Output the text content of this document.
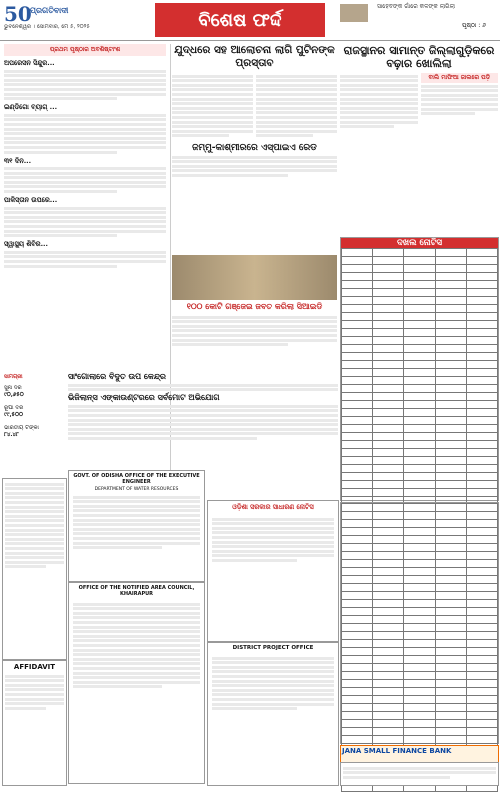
50
ପ୍ରଗତିବାଦୀ
ଭୁବନେଶ୍ୱର । ସୋମବାର, ମେ ୫, ୨୦୨୫	ବିଶେଷ ଫର୍ଦ୍ଦ
ସାହେବଙ୍କ ଗାଁରେ କଳଙ୍କ ଲାଗିଲା
ପୃଷ୍ଠା : ୬
ପ୍ରଥମ ପୃଷ୍ଠାର ଅବଶିଷ୍ଟାଂଶ
ଅପରେସନ ସିନ୍ଦୁର...
ଇଣ୍ଡିଗୋ ବ୍ୟାଗ୍ ...
୩୧ ଦିନ...
ପାକିସ୍ତାନ ଉପରେ...
ସ୍ୱାସ୍ଥ୍ୟ ଶିବିର...
ସାମଗ୍ରୀ
ସୁନା ଦର
୯୦,୬୫୦
ରୂପା ଦର
୯୯,୫୦୦
ଭାରତୀୟ ଟଙ୍କା
୮୪.୪୮
ଯୁଦ୍ଧରେ ସହ ଆଲୋଚନା ଲାଗି ପୁଟିନଙ୍କ ପ୍ରସ୍ତାବ
ଜମ୍ମୁ-କାଶ୍ମୀରରେ ଏସ୍ପାଇଏ ରେଡ
୧୦୦ କୋଟି ଗଞ୍ଜେଇ ଜବତ କରିଲା ସିଆଇଡି
ସାଂଗୋଲାରେ ବିଦୁତ ଉପ କେନ୍ଦ୍ର
ଭିଜିଲାନ୍ସ ଏଙ୍କାଉଣ୍ଟରରେ ସର୍ବମୋଟ ଅଭିଯୋଗ
ରାଜସ୍ଥାନର ସାମାନ୍ତ ଜିଲ୍ଲାଗୁଡ଼ିକରେ ବଢ଼ାର ଖୋଲିଲା
ବାଲି ମାଫିଆ ଜାଲରେ ପଡ଼ି
ଦଖଲ ନୋଟିସ

GOVT. OF ODISHA OFFICE OF THE EXECUTIVE ENGINEER
DEPARTMENT OF WATER RESOURCES
OFFICE OF THE NOTIFIED AREA COUNCIL, KHAIRAPUR
AFFIDAVIT
ଓଡ଼ିଶା ସରକାର ସାଧାରଣ ନୋଟିସ
DISTRICT PROJECT OFFICE

JANA SMALL FINANCE BANK
